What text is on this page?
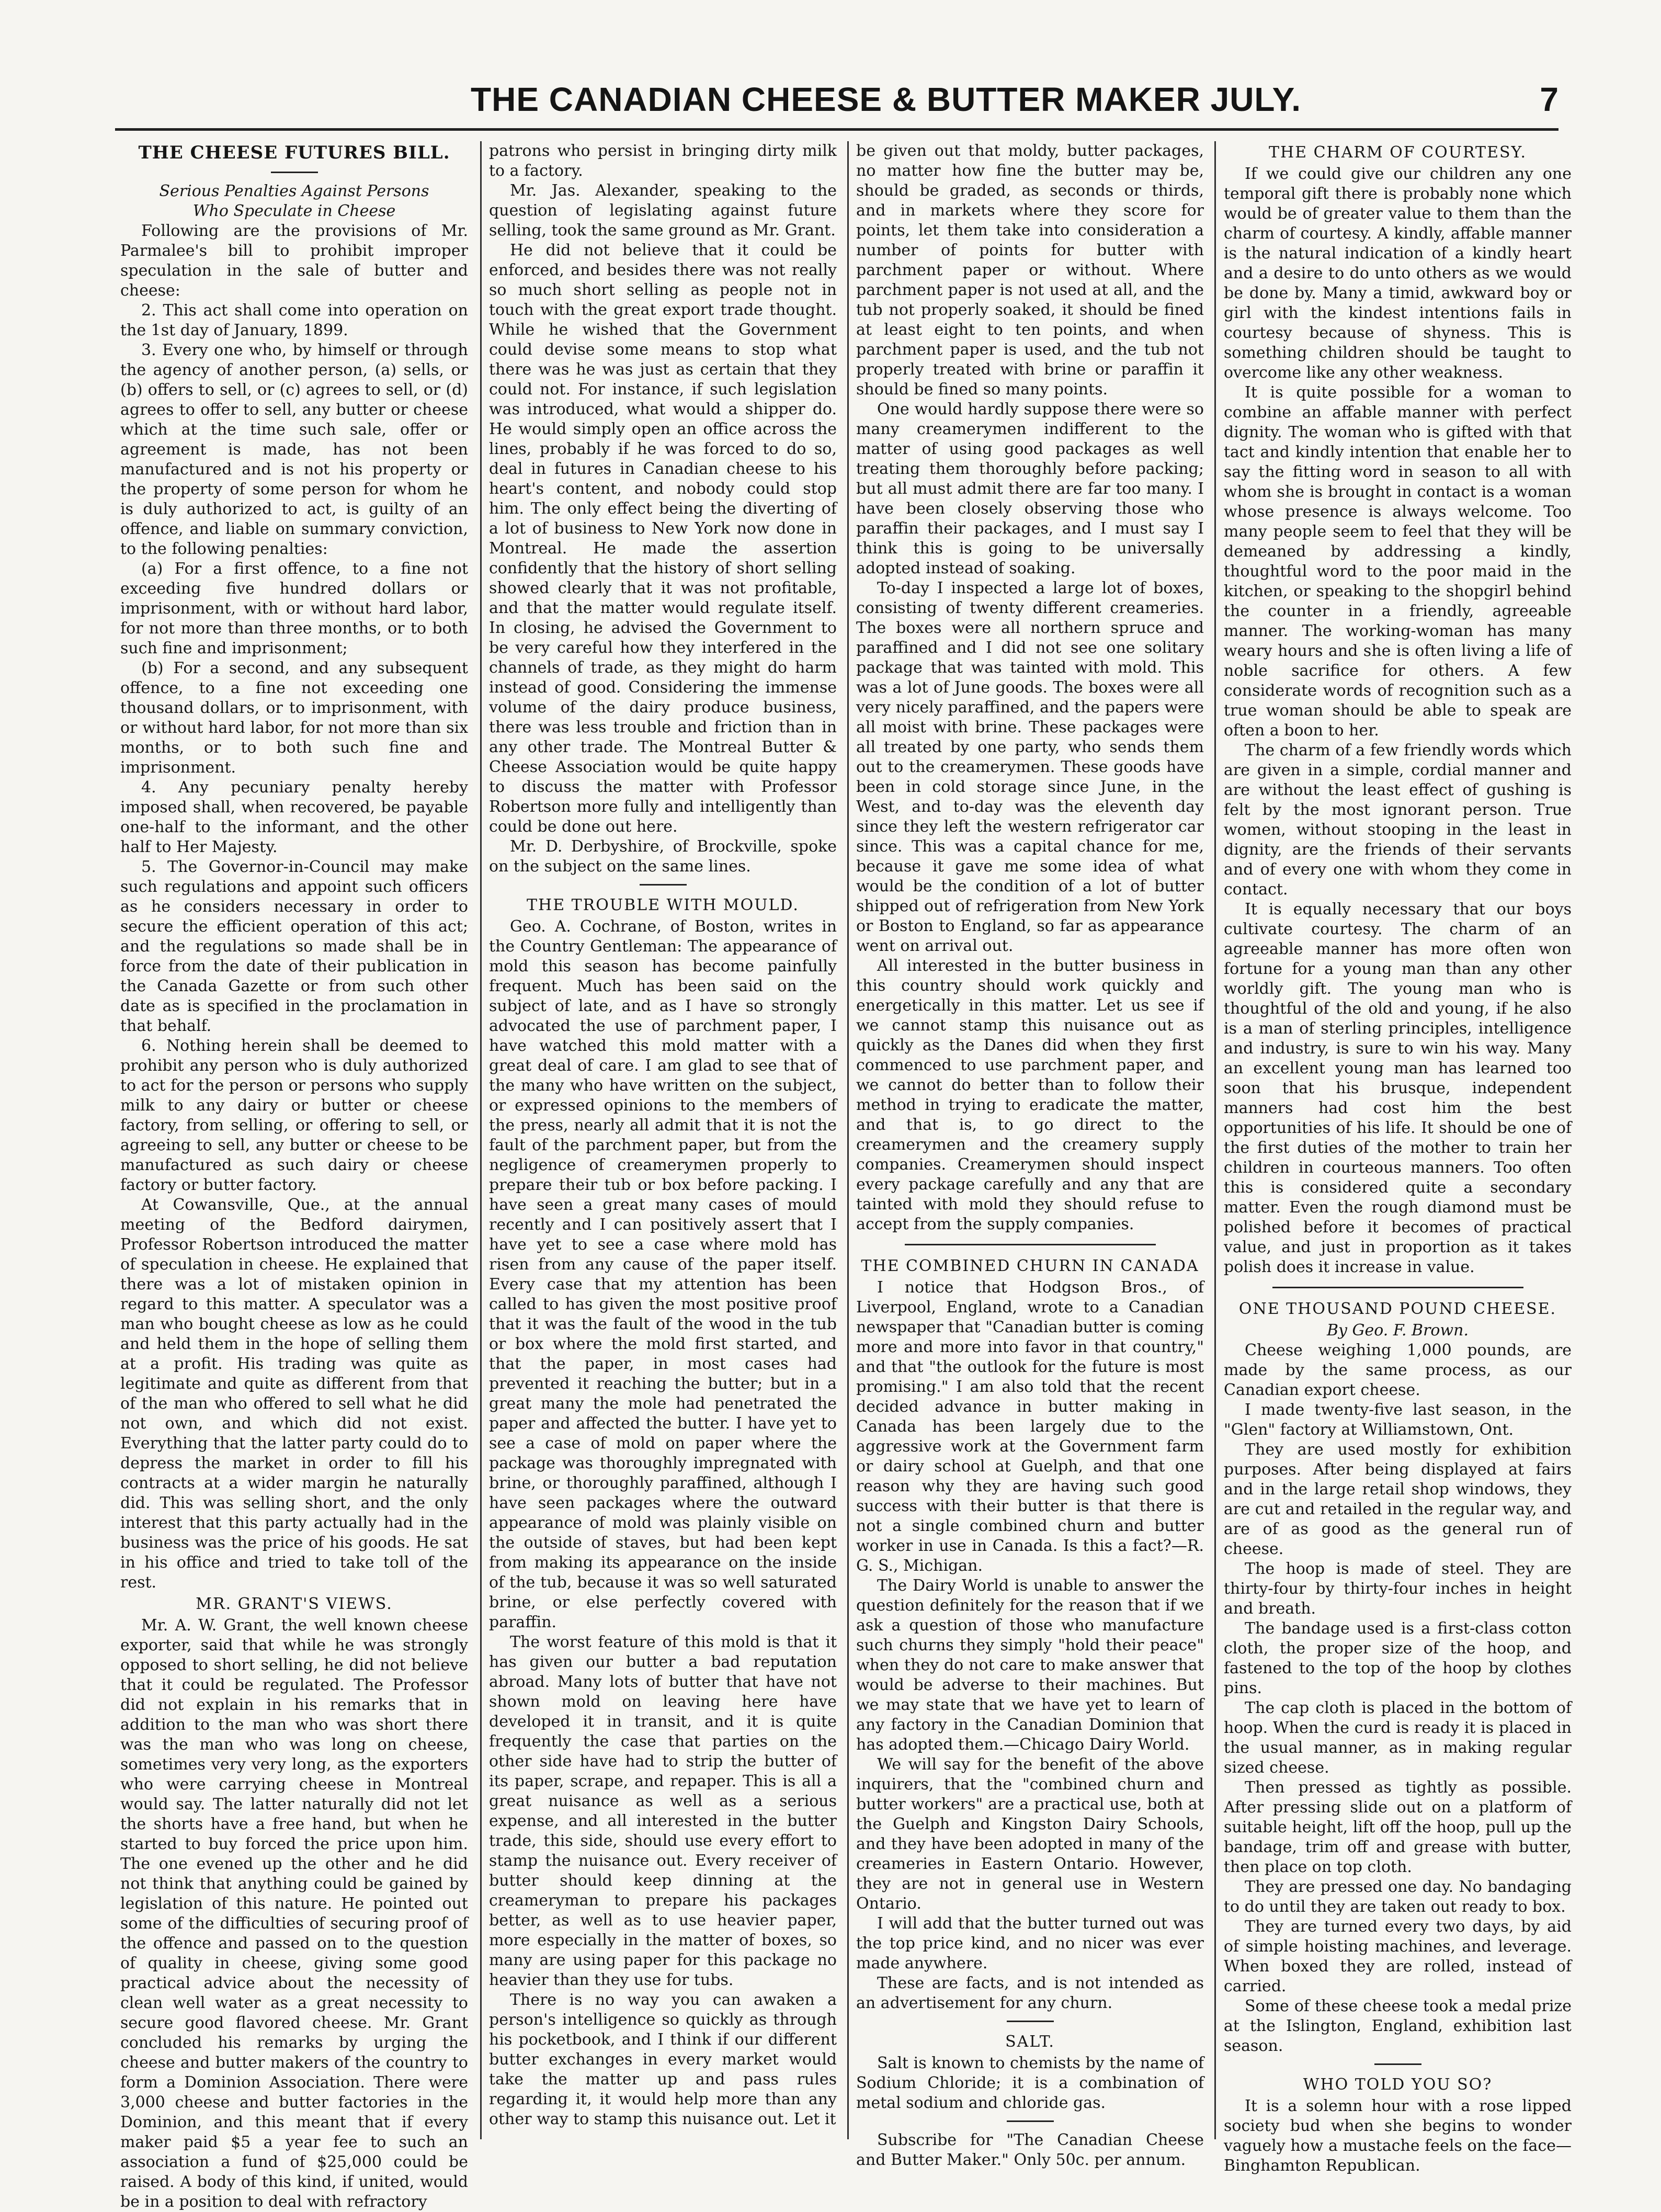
THE CANADIAN CHEESE & BUTTER MAKER JULY.	7

THE CHEESE FUTURES BILL.

Serious Penalties Against Persons

Who Speculate in Cheese

Following are the provisions of Mr. Parmalee's bill to prohibit improper speculation in the sale of butter and cheese:

2. This act shall come into operation on the 1st day of January, 1899.

3. Every one who, by himself or through the agency of another person, (a) sells, or (b) offers to sell, or (c) agrees to sell, or (d) agrees to offer to sell, any butter or cheese which at the time such sale, offer or agreement is made, has not been manufactured and is not his property or the property of some person for whom he is duly authorized to act, is guilty of an offence, and liable on summary conviction, to the following penalties:

(a) For a first offence, to a fine not exceeding five hundred dollars or imprisonment, with or without hard labor, for not more than three months, or to both such fine and imprisonment;

(b) For a second, and any subsequent offence, to a fine not exceeding one thousand dollars, or to imprisonment, with or without hard labor, for not more than six months, or to both such fine and imprisonment.

4. Any pecuniary penalty hereby imposed shall, when recovered, be payable one-half to the informant, and the other half to Her Majesty.

5. The Governor-in-Council may make such regulations and appoint such officers as he considers necessary in order to secure the efficient operation of this act; and the regulations so made shall be in force from the date of their publication in the Canada Gazette or from such other date as is specified in the proclamation in that behalf.

6. Nothing herein shall be deemed to prohibit any person who is duly authorized to act for the person or persons who supply milk to any dairy or butter or cheese factory, from selling, or offering to sell, or agreeing to sell, any butter or cheese to be manufactured as such dairy or cheese factory or butter factory.

At Cowansville, Que., at the annual meeting of the Bedford dairymen, Professor Robertson introduced the matter of speculation in cheese. He explained that there was a lot of mistaken opinion in regard to this matter. A speculator was a man who bought cheese as low as he could and held them in the hope of selling them at a profit. His trading was quite as legitimate and quite as different from that of the man who offered to sell what he did not own, and which did not exist. Everything that the latter party could do to depress the market in order to fill his contracts at a wider margin he naturally did. This was selling short, and the only interest that this party actually had in the business was the price of his goods. He sat in his office and tried to take toll of the rest.

MR. GRANT'S VIEWS.

Mr. A. W. Grant, the well known cheese exporter, said that while he was strongly opposed to short selling, he did not believe that it could be regulated. The Professor did not explain in his remarks that in addition to the man who was short there was the man who was long on cheese, sometimes very very long, as the exporters who were carrying cheese in Montreal would say. The latter naturally did not let the shorts have a free hand, but when he started to buy forced the price upon him. The one evened up the other and he did not think that anything could be gained by legislation of this nature. He pointed out some of the difficulties of securing proof of the offence and passed on to the question of quality in cheese, giving some good practical advice about the necessity of clean well water as a great necessity to secure good flavored cheese. Mr. Grant concluded his remarks by urging the cheese and butter makers of the country to form a Dominion Association. There were 3,000 cheese and butter factories in the Dominion, and this meant that if every maker paid $5 a year fee to such an association a fund of $25,000 could be raised. A body of this kind, if united, would be in a position to deal with refractory

patrons who persist in bringing dirty milk to a factory.

Mr. Jas. Alexander, speaking to the question of legislating against future selling, took the same ground as Mr. Grant.

He did not believe that it could be enforced, and besides there was not really so much short selling as people not in touch with the great export trade thought. While he wished that the Government could devise some means to stop what there was he was just as certain that they could not. For instance, if such legislation was introduced, what would a shipper do. He would simply open an office across the lines, probably if he was forced to do so, deal in futures in Canadian cheese to his heart's content, and nobody could stop him. The only effect being the diverting of a lot of business to New York now done in Montreal. He made the assertion confidently that the history of short selling showed clearly that it was not profitable, and that the matter would regulate itself. In closing, he advised the Government to be very careful how they interfered in the channels of trade, as they might do harm instead of good. Considering the immense volume of the dairy produce business, there was less trouble and friction than in any other trade. The Montreal Butter & Cheese Association would be quite happy to discuss the matter with Professor Robertson more fully and intelligently than could be done out here.

Mr. D. Derbyshire, of Brockville, spoke on the subject on the same lines.

THE TROUBLE WITH MOULD.

Geo. A. Cochrane, of Boston, writes in the Country Gentleman: The appearance of mold this season has become painfully frequent. Much has been said on the subject of late, and as I have so strongly advocated the use of parchment paper, I have watched this mold matter with a great deal of care. I am glad to see that of the many who have written on the subject, or expressed opinions to the members of the press, nearly all admit that it is not the fault of the parchment paper, but from the negligence of creamerymen properly to prepare their tub or box before packing. I have seen a great many cases of mould recently and I can positively assert that I have yet to see a case where mold has risen from any cause of the paper itself. Every case that my attention has been called to has given the most positive proof that it was the fault of the wood in the tub or box where the mold first started, and that the paper, in most cases had prevented it reaching the butter; but in a great many the mole had penetrated the paper and affected the butter. I have yet to see a case of mold on paper where the package was thoroughly impregnated with brine, or thoroughly paraffined, although I have seen packages where the outward appearance of mold was plainly visible on the outside of staves, but had been kept from making its appearance on the inside of the tub, because it was so well saturated brine, or else perfectly covered with paraffin.

The worst feature of this mold is that it has given our butter a bad reputation abroad. Many lots of butter that have not shown mold on leaving here have developed it in transit, and it is quite frequently the case that parties on the other side have had to strip the butter of its paper, scrape, and repaper. This is all a great nuisance as well as a serious expense, and all interested in the butter trade, this side, should use every effort to stamp the nuisance out. Every receiver of butter should keep dinning at the creameryman to prepare his packages better, as well as to use heavier paper, more especially in the matter of boxes, so many are using paper for this package no heavier than they use for tubs.

There is no way you can awaken a person's intelligence so quickly as through his pocketbook, and I think if our different butter exchanges in every market would take the matter up and pass rules regarding it, it would help more than any other way to stamp this nuisance out. Let it

be given out that moldy, butter packages, no matter how fine the butter may be, should be graded, as seconds or thirds, and in markets where they score for points, let them take into consideration a number of points for butter with parchment paper or without. Where parchment paper is not used at all, and the tub not properly soaked, it should be fined at least eight to ten points, and when parchment paper is used, and the tub not properly treated with brine or paraffin it should be fined so many points.

One would hardly suppose there were so many creamerymen indifferent to the matter of using good packages as well treating them thoroughly before packing; but all must admit there are far too many. I have been closely observing those who paraffin their packages, and I must say I think this is going to be universally adopted instead of soaking.

To-day I inspected a large lot of boxes, consisting of twenty different creameries. The boxes were all northern spruce and paraffined and I did not see one solitary package that was tainted with mold. This was a lot of June goods. The boxes were all very nicely paraffined, and the papers were all moist with brine. These packages were all treated by one party, who sends them out to the creamerymen. These goods have been in cold storage since June, in the West, and to-day was the eleventh day since they left the western refrigerator car since. This was a capital chance for me, because it gave me some idea of what would be the condition of a lot of butter shipped out of refrigeration from New York or Boston to England, so far as appearance went on arrival out.

All interested in the butter business in this country should work quickly and energetically in this matter. Let us see if we cannot stamp this nuisance out as quickly as the Danes did when they first commenced to use parchment paper, and we cannot do better than to follow their method in trying to eradicate the matter, and that is, to go direct to the creamerymen and the creamery supply companies. Creamerymen should inspect every package carefully and any that are tainted with mold they should refuse to accept from the supply companies.

THE COMBINED CHURN IN CANADA

I notice that Hodgson Bros., of Liverpool, England, wrote to a Canadian newspaper that "Canadian butter is coming more and more into favor in that country," and that "the outlook for the future is most promising." I am also told that the recent decided advance in butter making in Canada has been largely due to the aggressive work at the Government farm or dairy school at Guelph, and that one reason why they are having such good success with their butter is that there is not a single combined churn and butter worker in use in Canada. Is this a fact?—R. G. S., Michigan.

The Dairy World is unable to answer the question definitely for the reason that if we ask a question of those who manufacture such churns they simply "hold their peace" when they do not care to make answer that would be adverse to their machines. But we may state that we have yet to learn of any factory in the Canadian Dominion that has adopted them.—Chicago Dairy World.

We will say for the benefit of the above inquirers, that the "combined churn and butter workers" are a practical use, both at the Guelph and Kingston Dairy Schools, and they have been adopted in many of the creameries in Eastern Ontario. However, they are not in general use in Western Ontario.

I will add that the butter turned out was the top price kind, and no nicer was ever made anywhere.

These are facts, and is not intended as an advertisement for any churn.

SALT.

Salt is known to chemists by the name of Sodium Chloride; it is a combination of metal sodium and chloride gas.

Subscribe for "The Canadian Cheese and Butter Maker." Only 50c. per annum.

THE CHARM OF COURTESY.

If we could give our children any one temporal gift there is probably none which would be of greater value to them than the charm of courtesy. A kindly, affable manner is the natural indication of a kindly heart and a desire to do unto others as we would be done by. Many a timid, awkward boy or girl with the kindest intentions fails in courtesy because of shyness. This is something children should be taught to overcome like any other weakness.

It is quite possible for a woman to combine an affable manner with perfect dignity. The woman who is gifted with that tact and kindly intention that enable her to say the fitting word in season to all with whom she is brought in contact is a woman whose presence is always welcome. Too many people seem to feel that they will be demeaned by addressing a kindly, thoughtful word to the poor maid in the kitchen, or speaking to the shopgirl behind the counter in a friendly, agreeable manner. The working-woman has many weary hours and she is often living a life of noble sacrifice for others. A few considerate words of recognition such as a true woman should be able to speak are often a boon to her.

The charm of a few friendly words which are given in a simple, cordial manner and are without the least effect of gushing is felt by the most ignorant person. True women, without stooping in the least in dignity, are the friends of their servants and of every one with whom they come in contact.

It is equally necessary that our boys cultivate courtesy. The charm of an agreeable manner has more often won fortune for a young man than any other worldly gift. The young man who is thoughtful of the old and young, if he also is a man of sterling principles, intelligence and industry, is sure to win his way. Many an excellent young man has learned too soon that his brusque, independent manners had cost him the best opportunities of his life. It should be one of the first duties of the mother to train her children in courteous manners. Too often this is considered quite a secondary matter. Even the rough diamond must be polished before it becomes of practical value, and just in proportion as it takes polish does it increase in value.

ONE THOUSAND POUND CHEESE.

By Geo. F. Brown.

Cheese weighing 1,000 pounds, are made by the same process, as our Canadian export cheese.

I made twenty-five last season, in the "Glen" factory at Williamstown, Ont.

They are used mostly for exhibition purposes. After being displayed at fairs and in the large retail shop windows, they are cut and retailed in the regular way, and are of as good as the general run of cheese.

The hoop is made of steel. They are thirty-four by thirty-four inches in height and breath.

The bandage used is a first-class cotton cloth, the proper size of the hoop, and fastened to the top of the hoop by clothes pins.

The cap cloth is placed in the bottom of hoop. When the curd is ready it is placed in the usual manner, as in making regular sized cheese.

Then pressed as tightly as possible. After pressing slide out on a platform of suitable height, lift off the hoop, pull up the bandage, trim off and grease with butter, then place on top cloth.

They are pressed one day. No bandaging to do until they are taken out ready to box.

They are turned every two days, by aid of simple hoisting machines, and leverage. When boxed they are rolled, instead of carried.

Some of these cheese took a medal prize at the Islington, England, exhibition last season.

WHO TOLD YOU SO?

It is a solemn hour with a rose lipped society bud when she begins to wonder vaguely how a mustache feels on the face—Binghamton Republican.
